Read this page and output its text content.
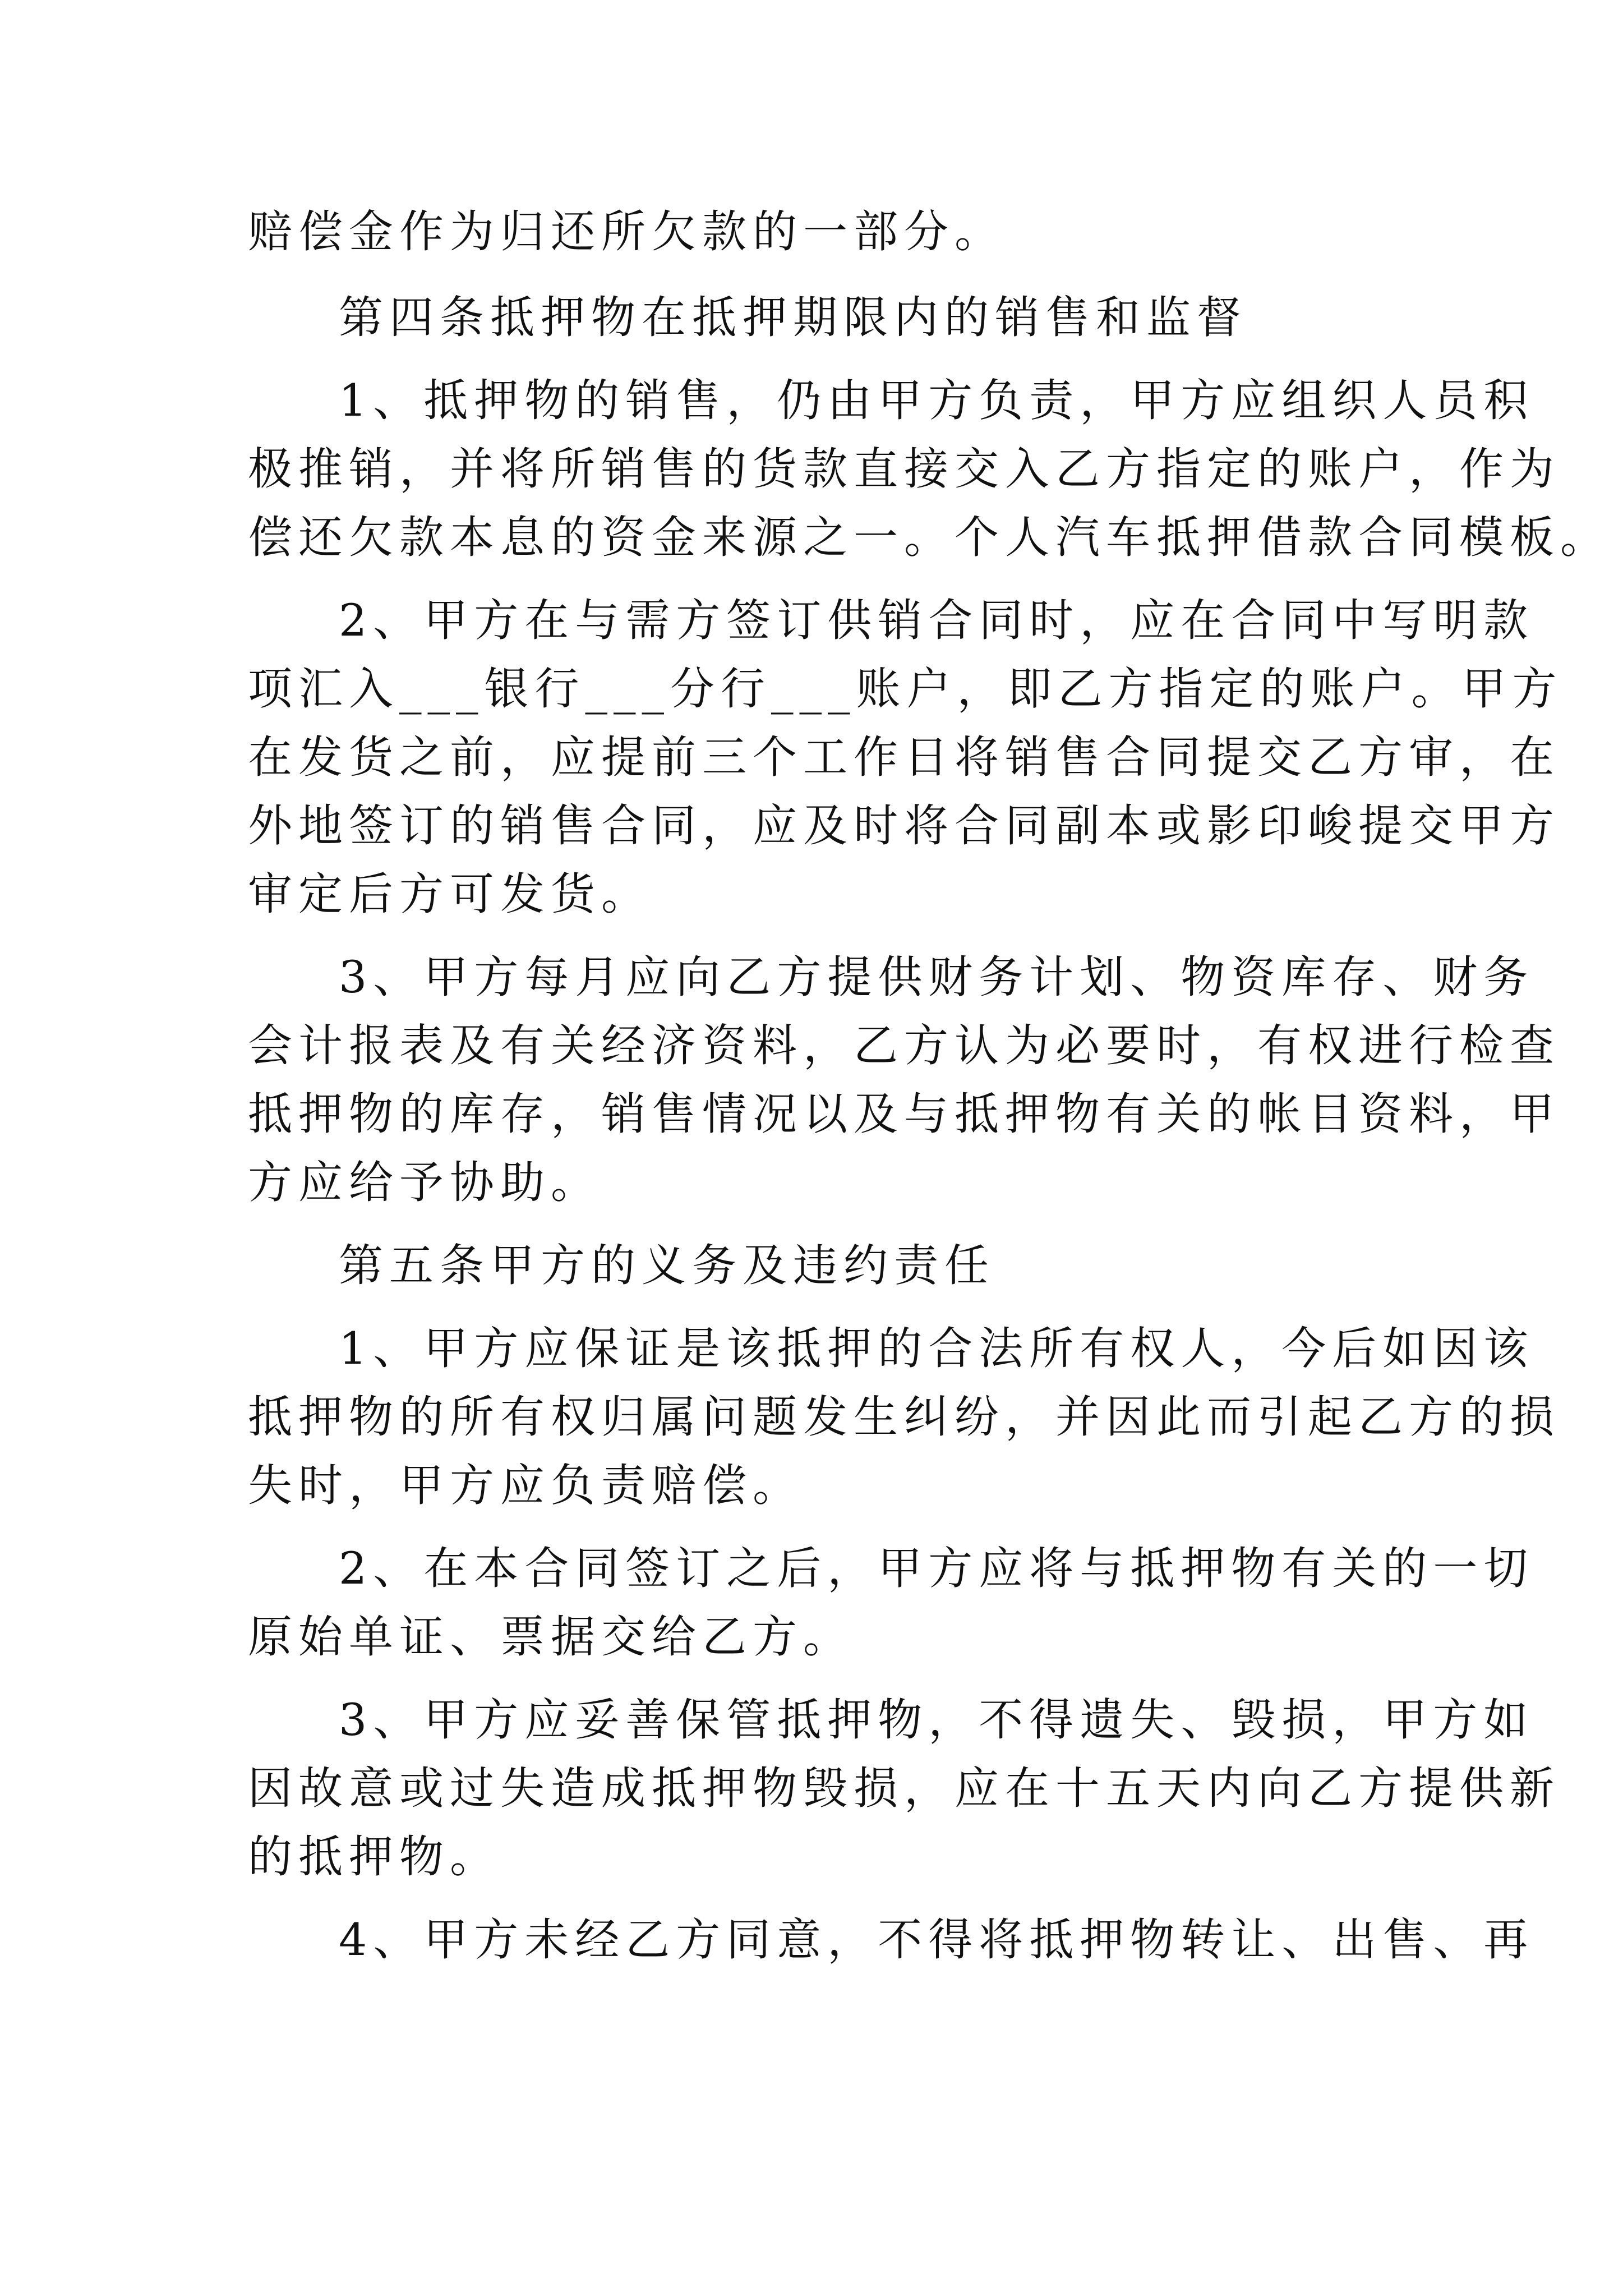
赔偿金作为归还所欠款的一部分。

第四条抵押物在抵押期限内的销售和监督

1、抵押物的销售，仍由甲方负责，甲方应组织人员积

极推销，并将所销售的货款直接交入乙方指定的账户，作为

偿还欠款本息的资金来源之一。个人汽车抵押借款合同模板。

2、甲方在与需方签订供销合同时，应在合同中写明款

项汇入___银行___分行___账户，即乙方指定的账户。甲方

在发货之前，应提前三个工作日将销售合同提交乙方审，在

外地签订的销售合同，应及时将合同副本或影印峻提交甲方

审定后方可发货。

3、甲方每月应向乙方提供财务计划、物资库存、财务

会计报表及有关经济资料，乙方认为必要时，有权进行检查

抵押物的库存，销售情况以及与抵押物有关的帐目资料，甲

方应给予协助。

第五条甲方的义务及违约责任

1、甲方应保证是该抵押的合法所有权人，今后如因该

抵押物的所有权归属问题发生纠纷，并因此而引起乙方的损

失时，甲方应负责赔偿。

2、在本合同签订之后，甲方应将与抵押物有关的一切

原始单证、票据交给乙方。

3、甲方应妥善保管抵押物，不得遗失、毁损，甲方如

因故意或过失造成抵押物毁损，应在十五天内向乙方提供新

的抵押物。

4、甲方未经乙方同意，不得将抵押物转让、出售、再
